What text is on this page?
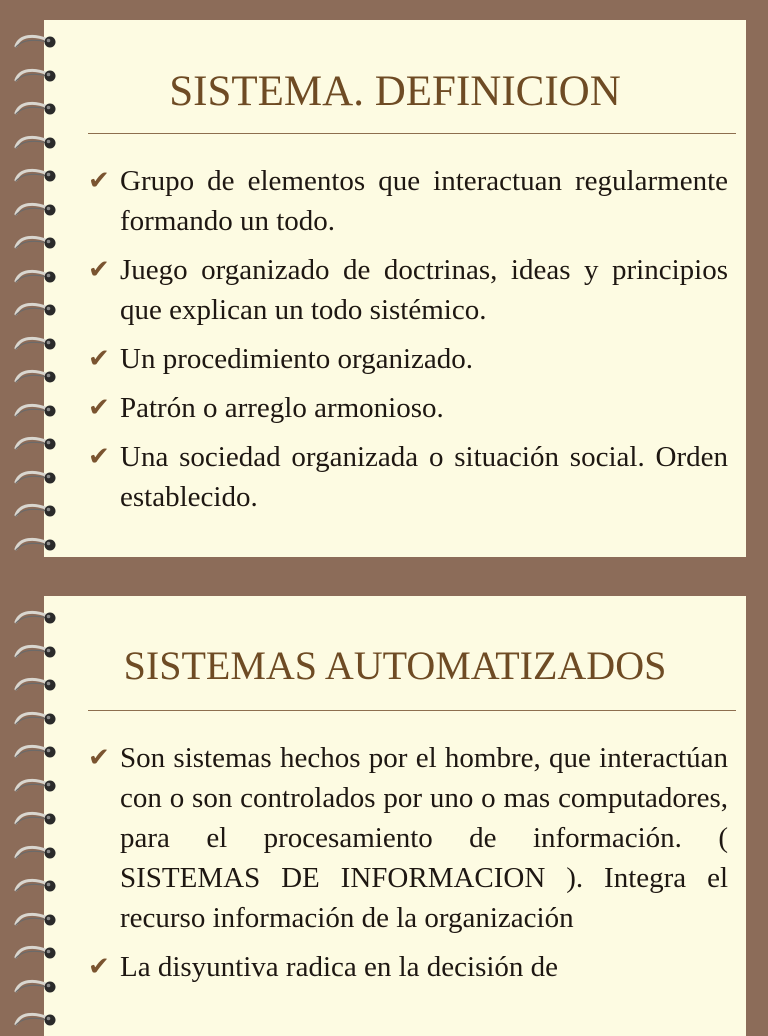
SISTEMA. DEFINICION
✔ Grupo de elementos que interactuan regularmente formando un todo.
✔ Juego organizado de doctrinas, ideas y principios que explican un todo sistémico.
✔ Un procedimiento organizado.
✔ Patrón o arreglo armonioso.
✔ Una sociedad organizada o situación social. Orden establecido.
SISTEMAS AUTOMATIZADOS
✔ Son sistemas hechos por el hombre, que interactúan con o son controlados por uno o mas computadores, para el procesamiento de información. ( SISTEMAS DE INFORMACION ). Integra el recurso información de la organización
✔ La disyuntiva radica en la decisión de
